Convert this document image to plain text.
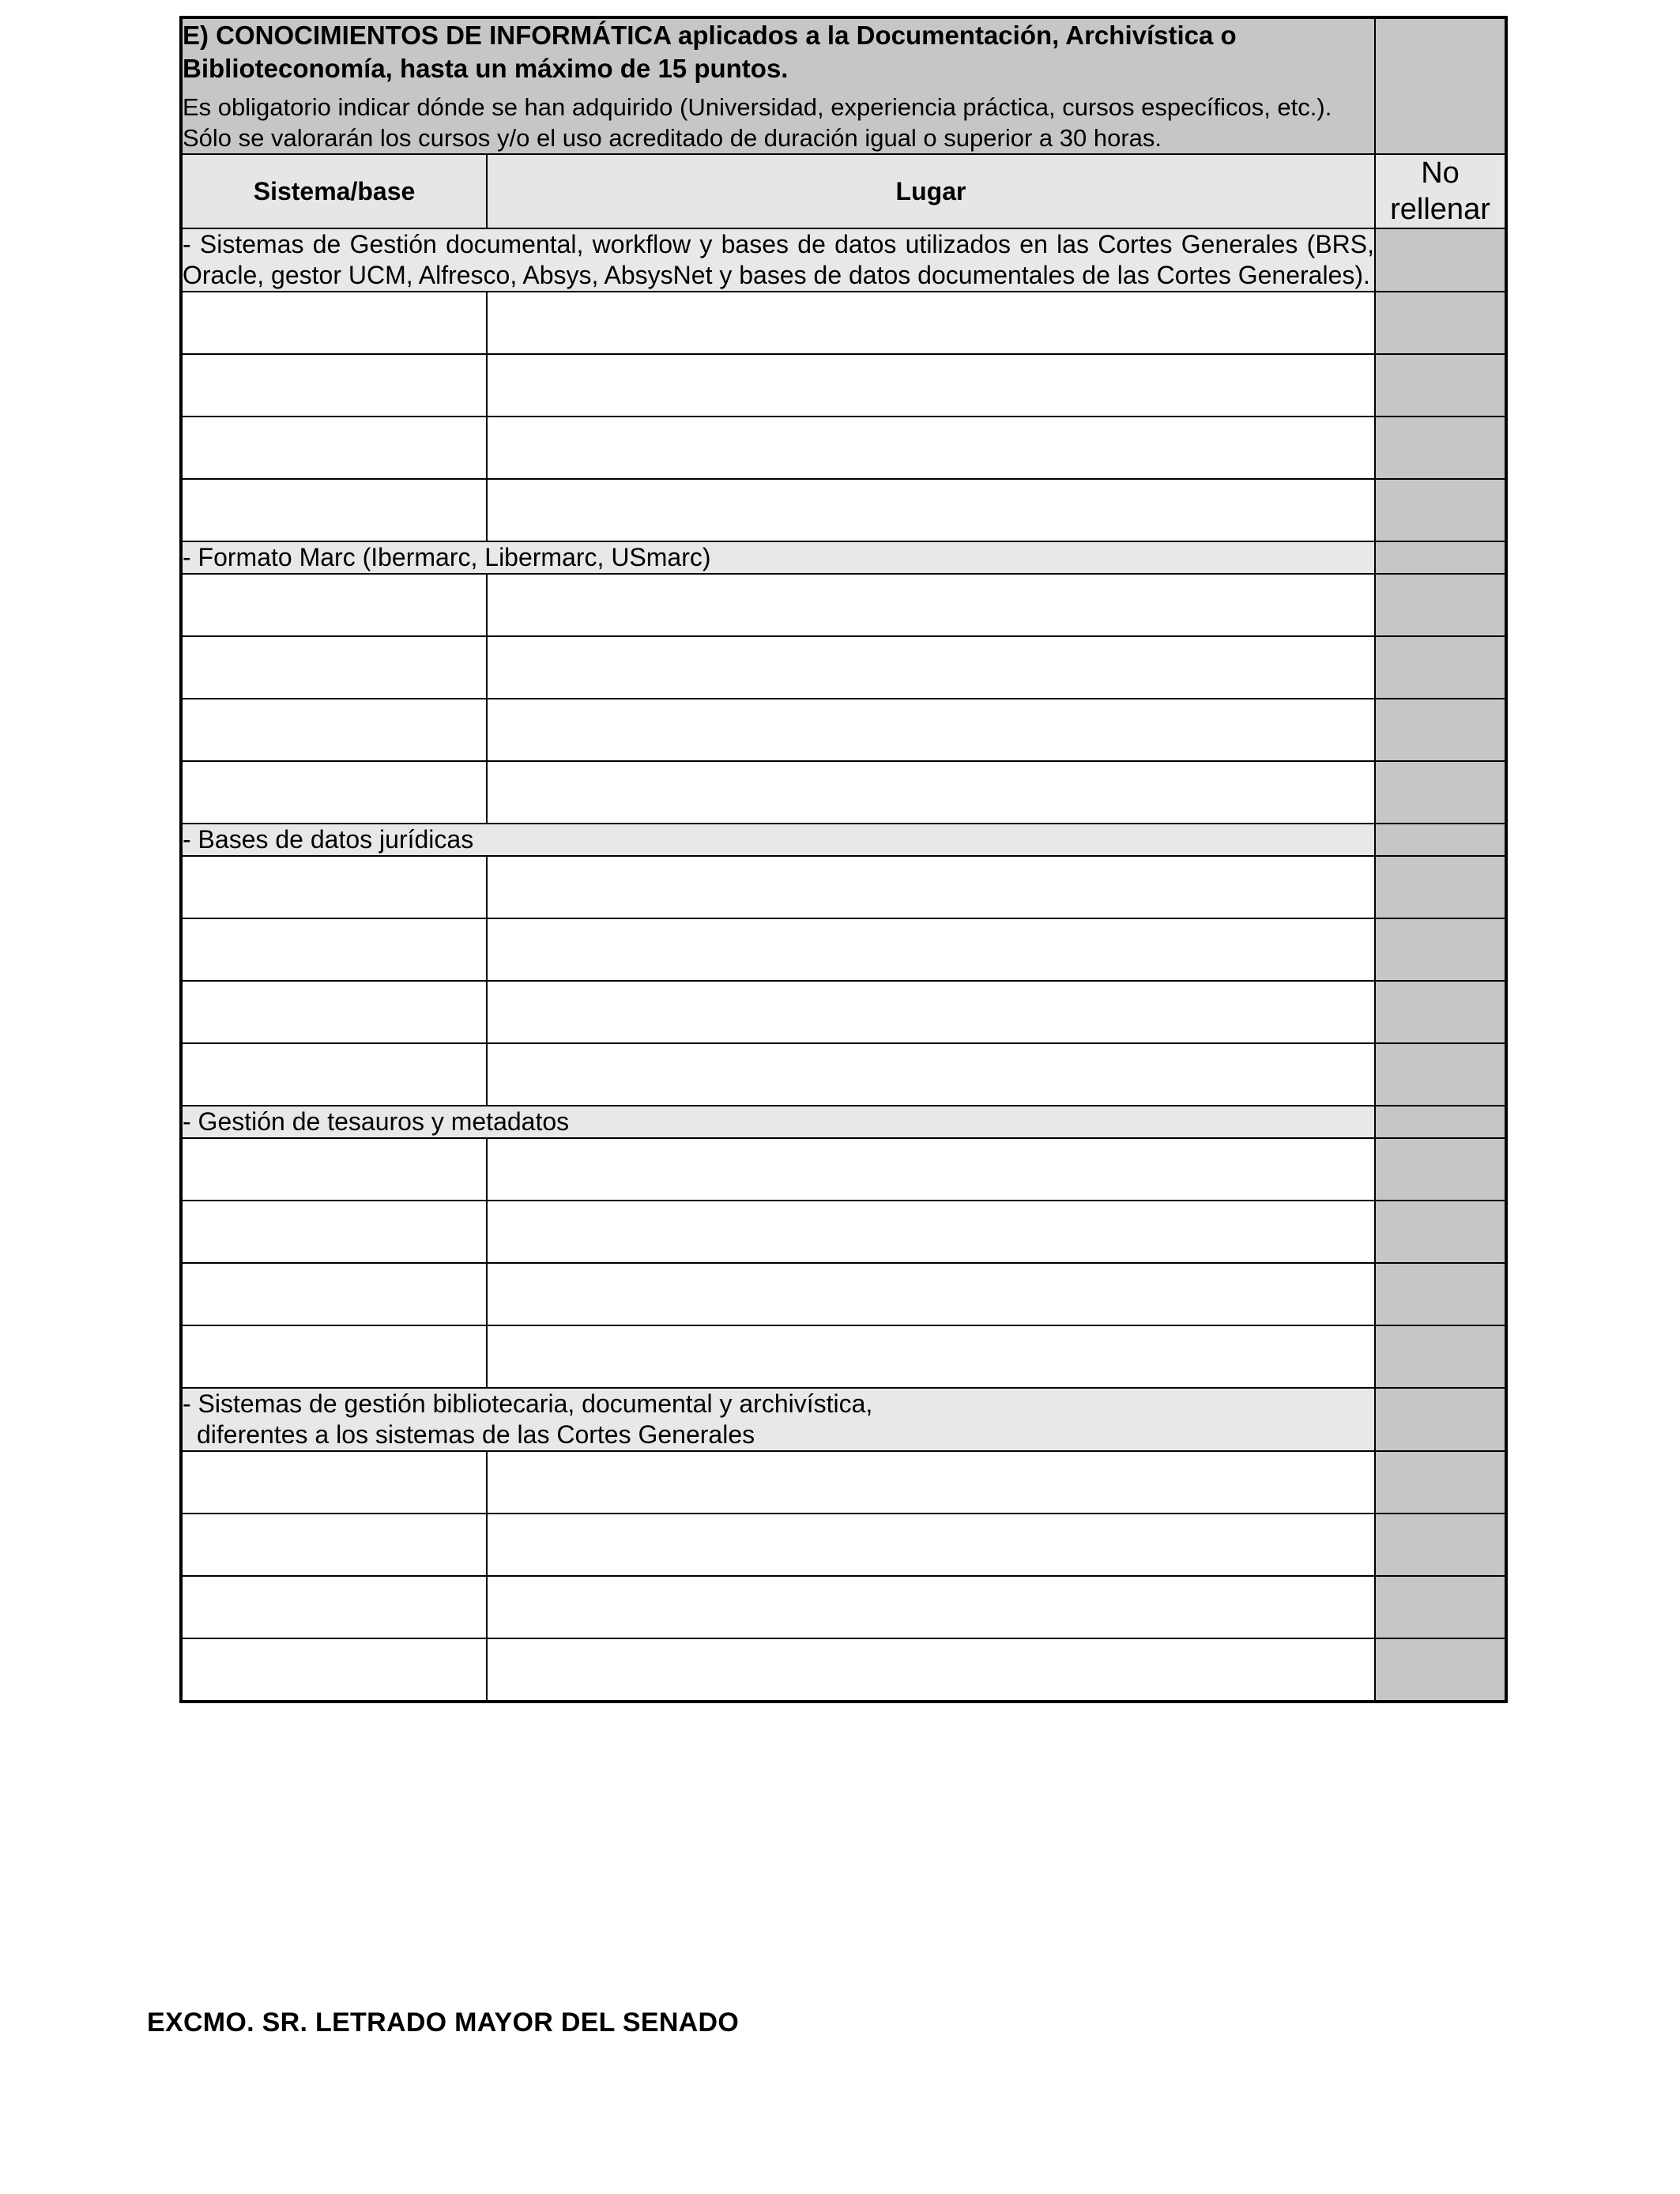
E) CONOCIMIENTOS DE INFORMÁTICA aplicados a la Documentación, Archivística o Biblioteconomía, hasta un máximo de 15 puntos.
Es obligatorio indicar dónde se han adquirido (Universidad, experiencia práctica, cursos específicos, etc.). Sólo se valorarán los cursos y/o el uso acreditado de duración igual o superior a 30 horas.		

Sistema/base	Lugar	No rellenar
- Sistemas de Gestión documental, workflow y bases de datos utilizados en las Cortes Generales (BRS, Oracle, gestor UCM, Alfresco, Absys, AbsysNet y bases de datos documentales de las Cortes Generales).		

- Formato Marc (Ibermarc, Libermarc, USmarc)		

- Bases de datos jurídicas		

- Gestión de tesauros y metadatos		

- Sistemas de gestión bibliotecaria, documental y archivística,
diferentes a los sistemas de las Cortes Generales		

EXCMO. SR. LETRADO MAYOR DEL SENADO
